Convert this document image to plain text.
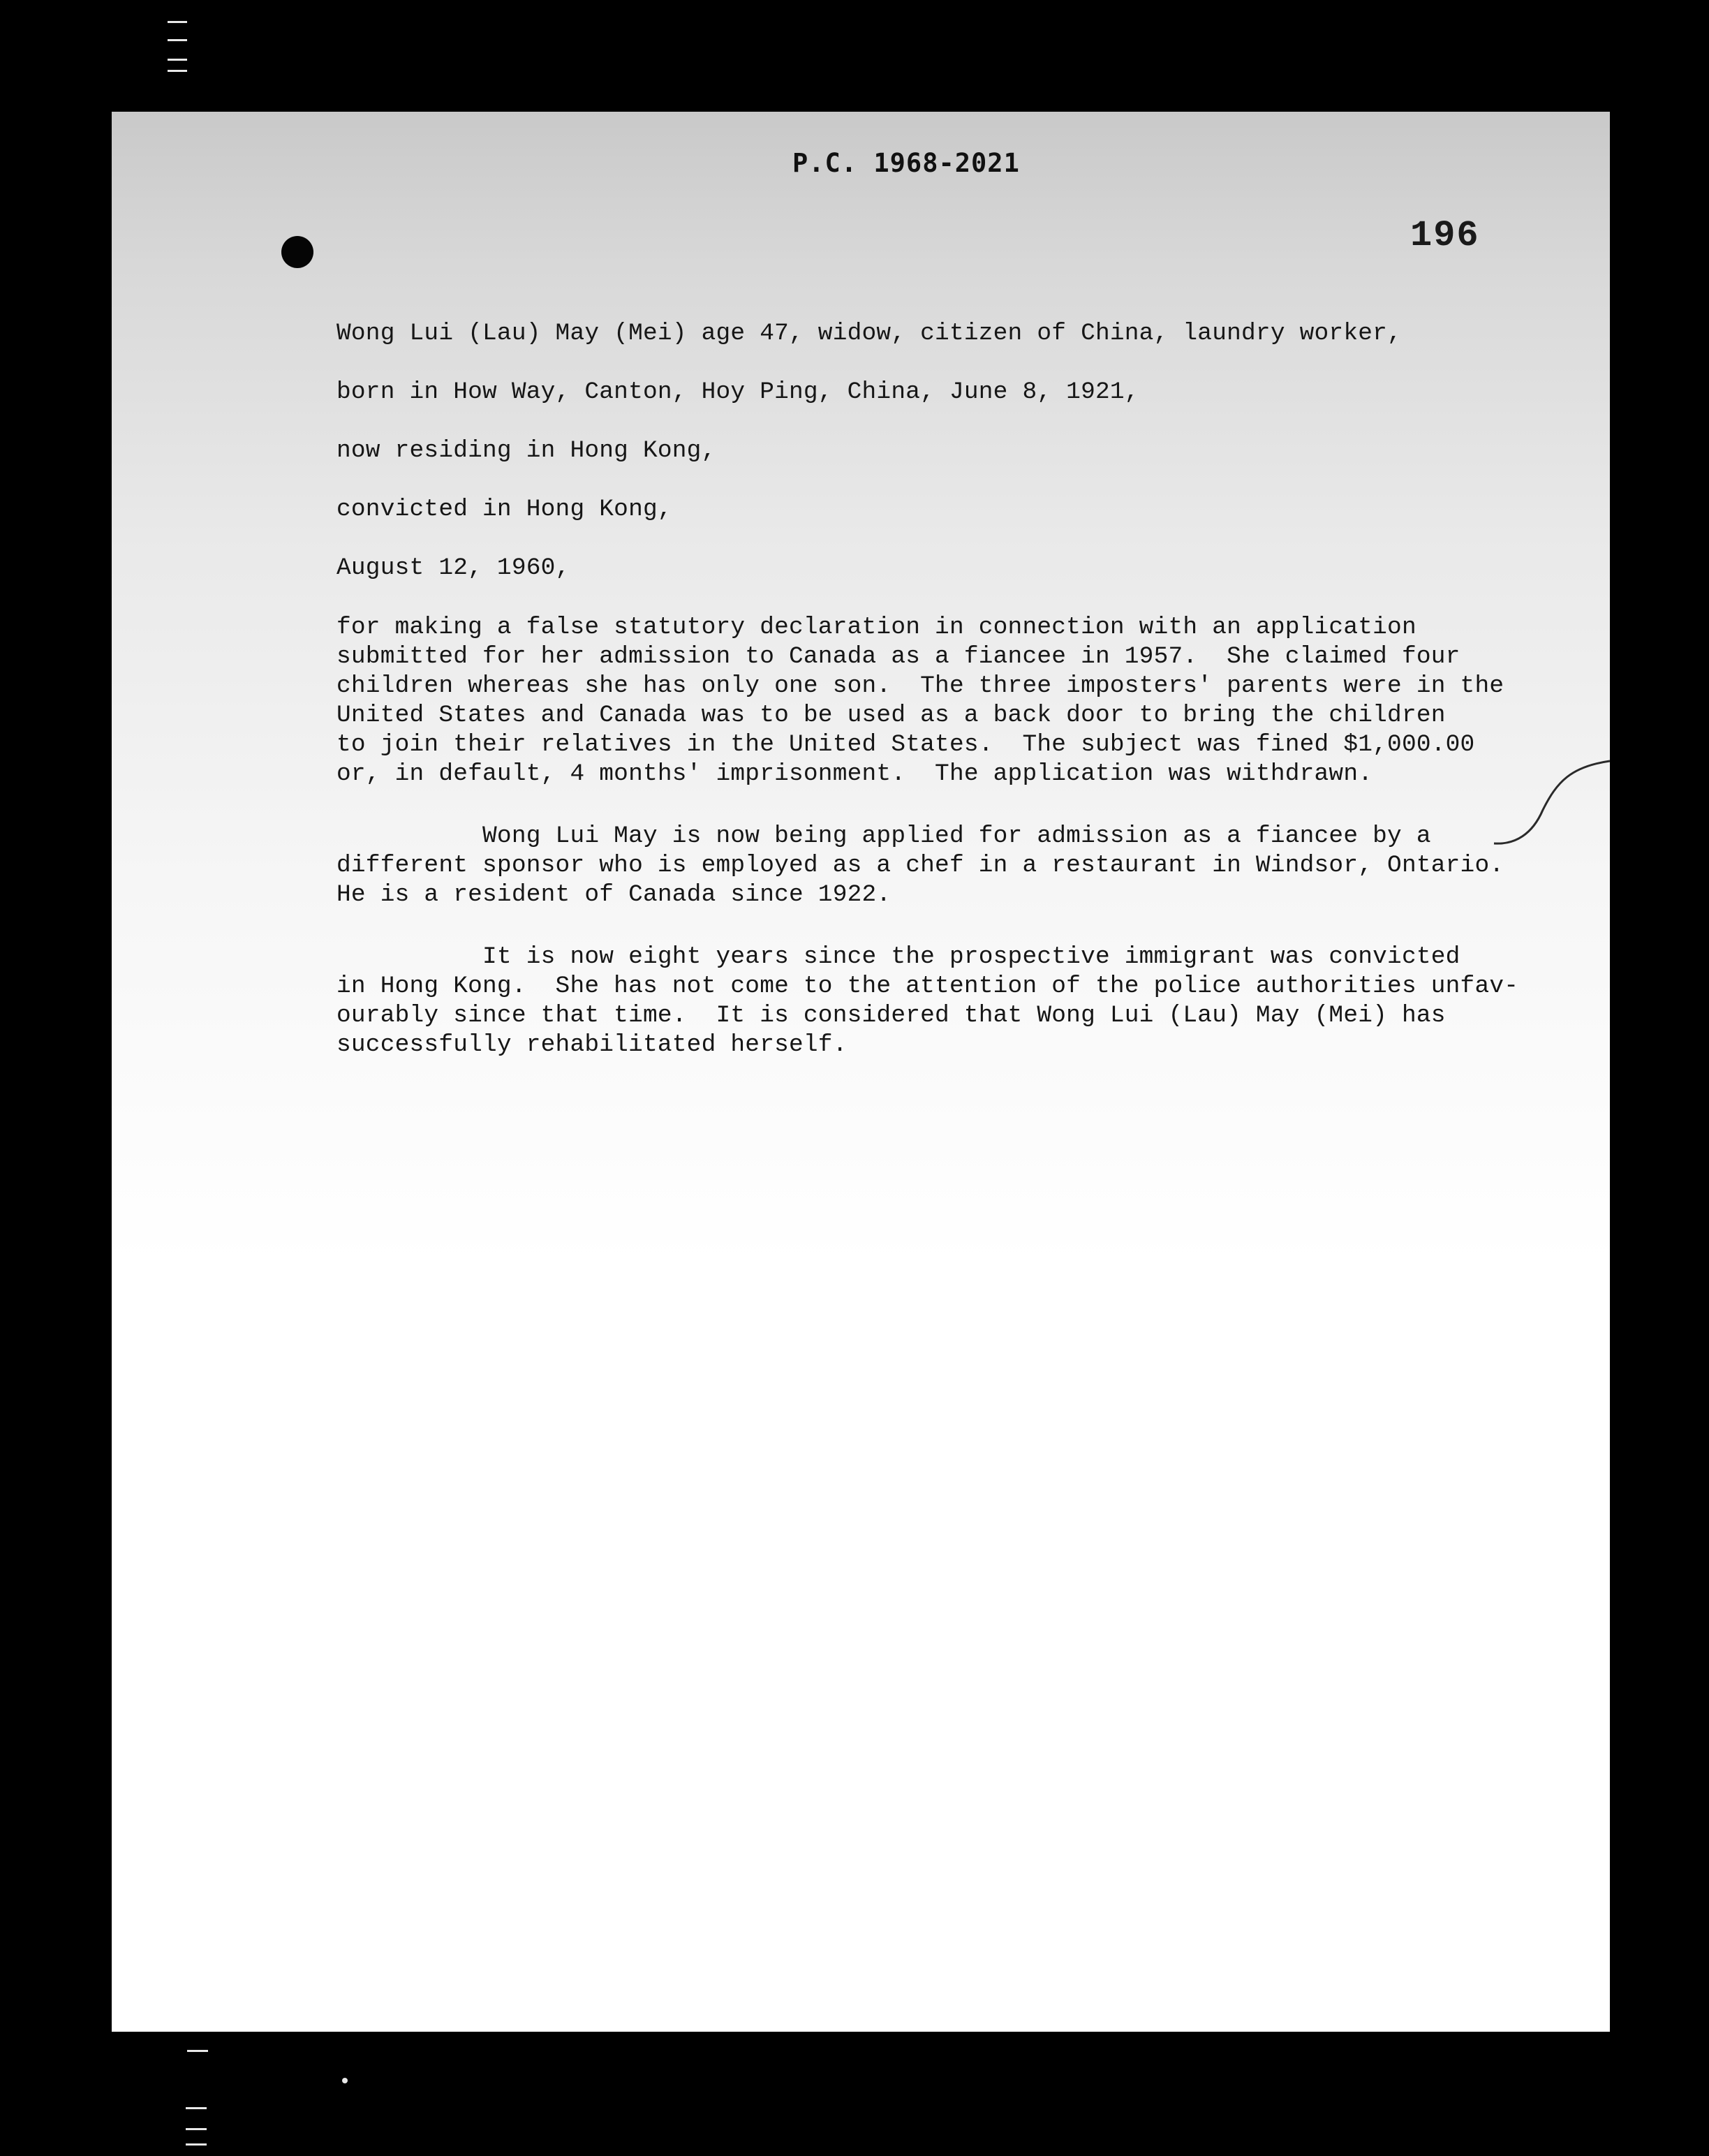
P.C. 1968-2021
196
Wong Lui (Lau) May (Mei) age 47, widow, citizen of China, laundry worker,
born in How Way, Canton, Hoy Ping, China, June 8, 1921,
now residing in Hong Kong,
convicted in Hong Kong,
August 12, 1960,
for making a false statutory declaration in connection with an application
submitted for her admission to Canada as a fiancee in 1957.  She claimed four
children whereas she has only one son.  The three imposters' parents were in the
United States and Canada was to be used as a back door to bring the children
to join their relatives in the United States.  The subject was fined $1,000.00
or, in default, 4 months' imprisonment.  The application was withdrawn.
Wong Lui May is now being applied for admission as a fiancee by a
different sponsor who is employed as a chef in a restaurant in Windsor, Ontario.
He is a resident of Canada since 1922.
It is now eight years since the prospective immigrant was convicted
in Hong Kong.  She has not come to the attention of the police authorities unfav-
ourably since that time.  It is considered that Wong Lui (Lau) May (Mei) has
successfully rehabilitated herself.
